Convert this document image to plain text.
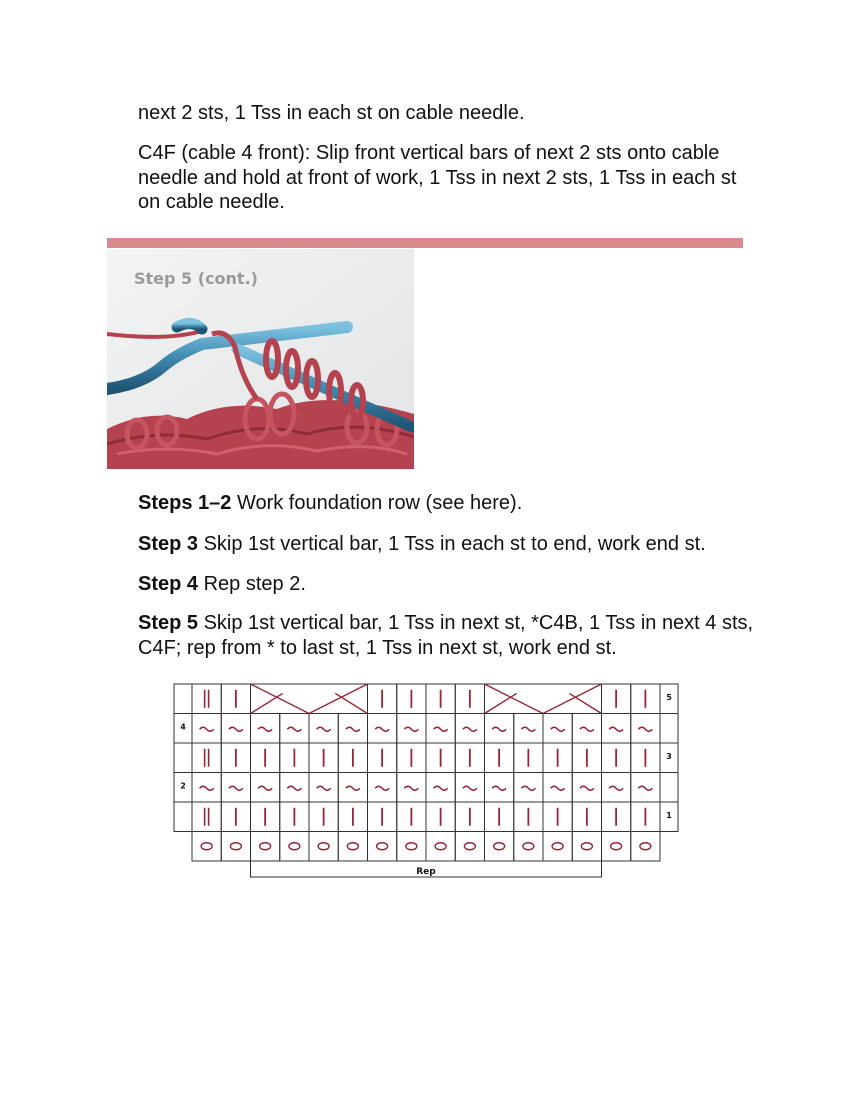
next 2 sts, 1 Tss in each st on cable needle.

C4F (cable 4 front): Slip front vertical bars of next 2 sts onto cable needle and hold at front of work, 1 Tss in next 2 sts, 1 Tss in each st on cable needle.

Step 5 (cont.)

Steps 1–2 Work foundation row (see here).

Step 3 Skip 1st vertical bar, 1 Tss in each st to end, work end st.

Step 4 Rep step 2.

Step 5 Skip 1st vertical bar, 1 Tss in next st, *C4B, 1 Tss in next 4 sts, C4F; rep from * to last st, 1 Tss in next st, work end st.

4
2
5
3
1
Rep
